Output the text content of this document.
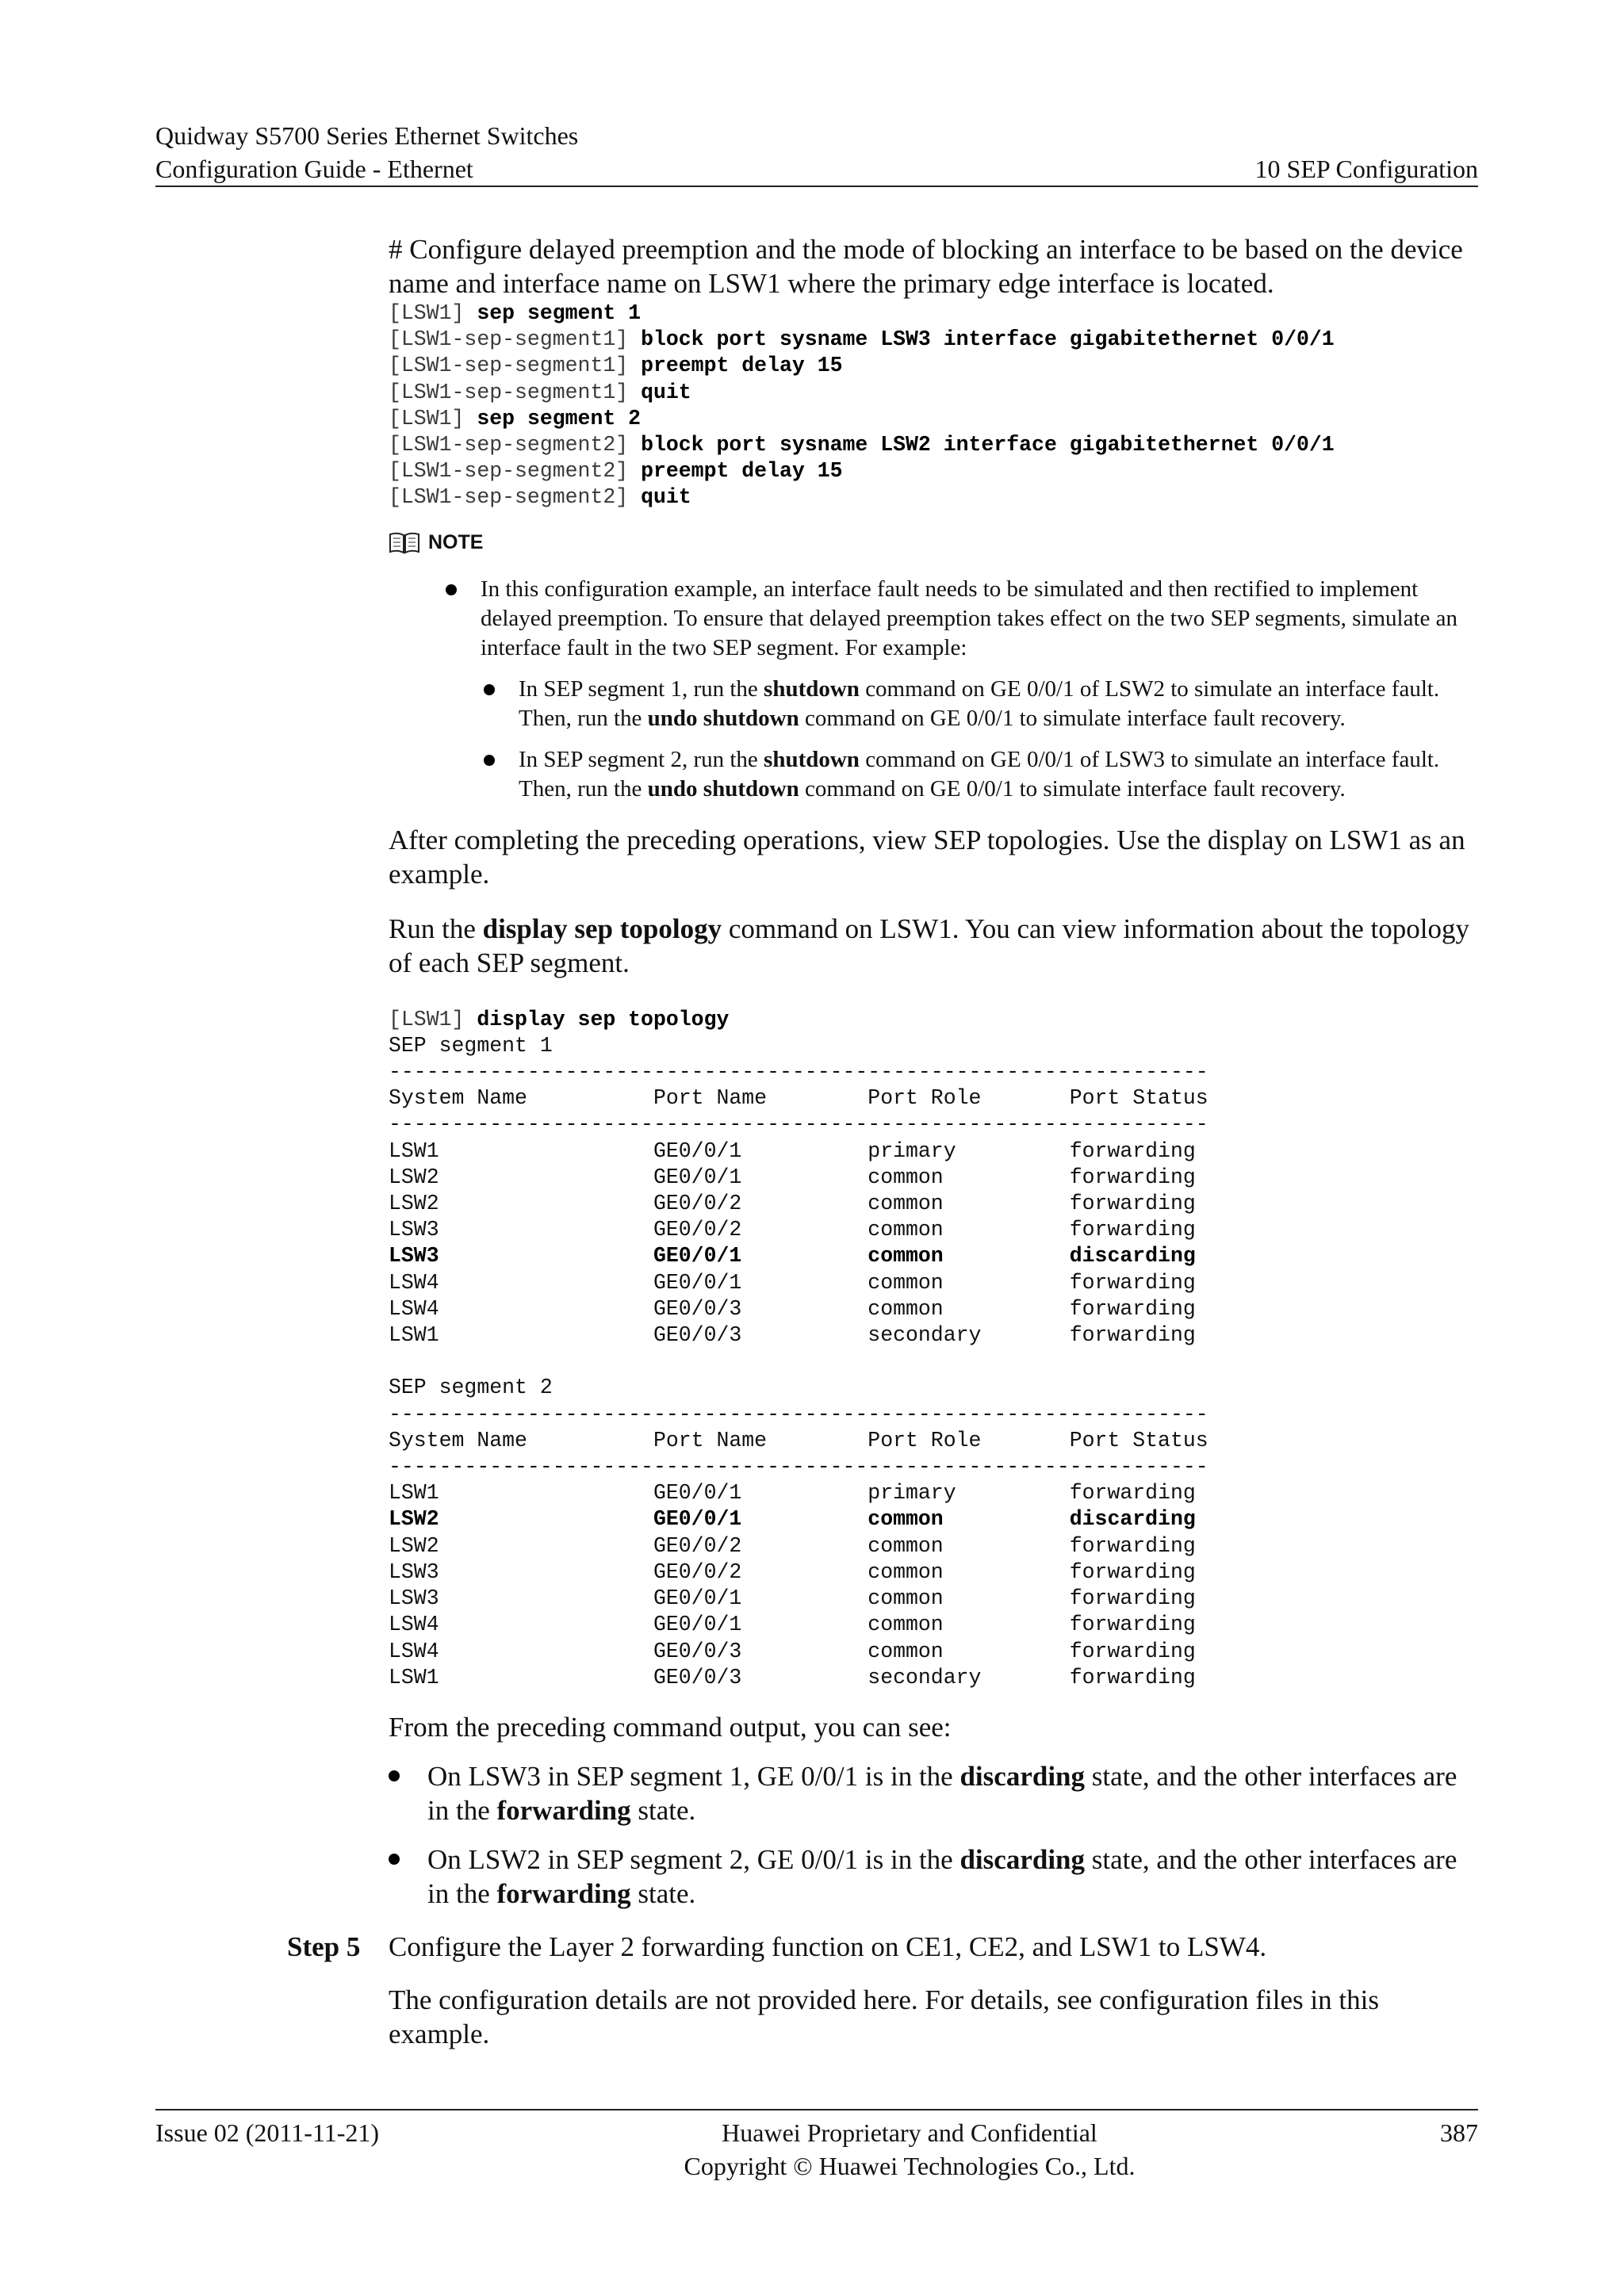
Quidway S5700 Series Ethernet Switches
Configuration Guide - Ethernet	10 SEP Configuration

# Configure delayed preemption and the mode of blocking an interface to be based on the device name and interface name on LSW1 where the primary edge interface is located.

[LSW1] sep segment 1
[LSW1-sep-segment1] block port sysname LSW3 interface gigabitethernet 0/0/1
[LSW1-sep-segment1] preempt delay 15
[LSW1-sep-segment1] quit
[LSW1] sep segment 2
[LSW1-sep-segment2] block port sysname LSW2 interface gigabitethernet 0/0/1
[LSW1-sep-segment2] preempt delay 15
[LSW1-sep-segment2] quit

NOTE
In this configuration example, an interface fault needs to be simulated and then rectified to implement delayed preemption. To ensure that delayed preemption takes effect on the two SEP segments, simulate an interface fault in the two SEP segment. For example:
In SEP segment 1, run the shutdown command on GE 0/0/1 of LSW2 to simulate an interface fault. Then, run the undo shutdown command on GE 0/0/1 to simulate interface fault recovery.
In SEP segment 2, run the shutdown command on GE 0/0/1 of LSW3 to simulate an interface fault. Then, run the undo shutdown command on GE 0/0/1 to simulate interface fault recovery.

After completing the preceding operations, view SEP topologies. Use the display on LSW1 as an example.

Run the display sep topology command on LSW1. You can view information about the topology of each SEP segment.

[LSW1] display sep topology
SEP segment 1
-----------------------------------------------------------------
System Name          Port Name        Port Role       Port Status
-----------------------------------------------------------------
LSW1                 GE0/0/1          primary         forwarding
LSW2                 GE0/0/1          common          forwarding
LSW2                 GE0/0/2          common          forwarding
LSW3                 GE0/0/2          common          forwarding
LSW3                 GE0/0/1          common          discarding
LSW4                 GE0/0/1          common          forwarding
LSW4                 GE0/0/3          common          forwarding
LSW1                 GE0/0/3          secondary       forwarding

SEP segment 2
-----------------------------------------------------------------
System Name          Port Name        Port Role       Port Status
-----------------------------------------------------------------
LSW1                 GE0/0/1          primary         forwarding
LSW2                 GE0/0/1          common          discarding
LSW2                 GE0/0/2          common          forwarding
LSW3                 GE0/0/2          common          forwarding
LSW3                 GE0/0/1          common          forwarding
LSW4                 GE0/0/1          common          forwarding
LSW4                 GE0/0/3          common          forwarding
LSW1                 GE0/0/3          secondary       forwarding

From the preceding command output, you can see:

On LSW3 in SEP segment 1, GE 0/0/1 is in the discarding state, and the other interfaces are in the forwarding state.
On LSW2 in SEP segment 2, GE 0/0/1 is in the discarding state, and the other interfaces are in the forwarding state.
Step 5 Configure the Layer 2 forwarding function on CE1, CE2, and LSW1 to LSW4.

The configuration details are not provided here. For details, see configuration files in this example.

Issue 02 (2011-11-21)	Huawei Proprietary and Confidential
Copyright © Huawei Technologies Co., Ltd.
387
